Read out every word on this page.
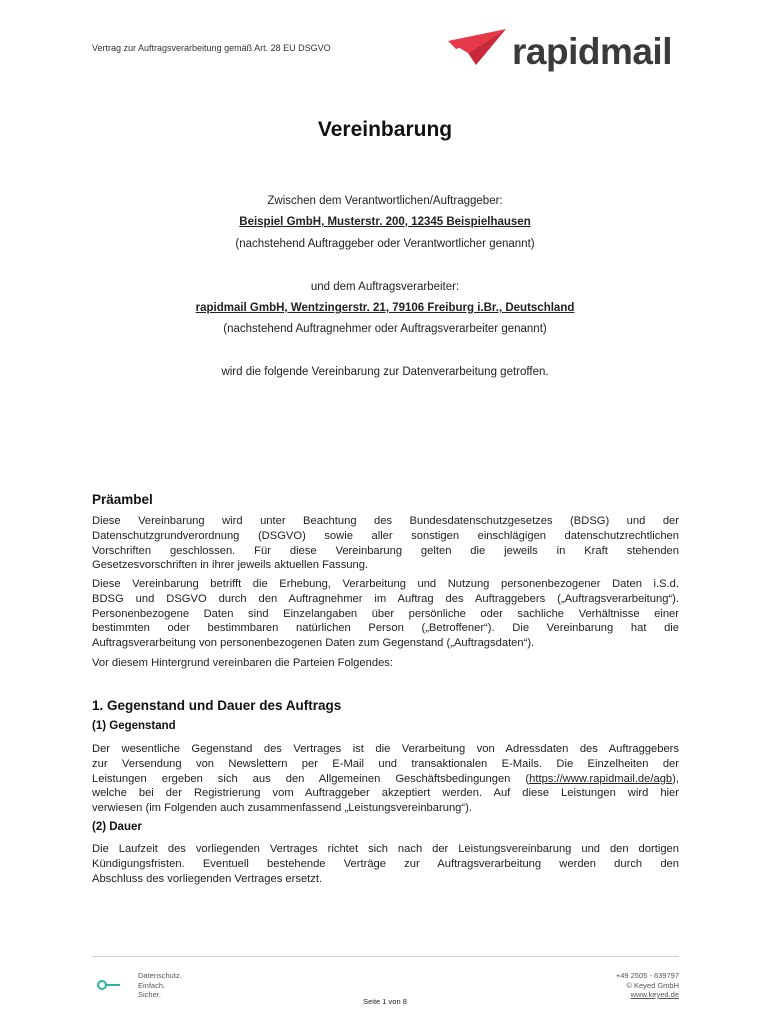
Vertrag zur Auftragsverarbeitung gemäß Art. 28 EU DSGVO	rapidmail
Vereinbarung
Zwischen dem Verantwortlichen/Auftraggeber:
Beispiel GmbH, Musterstr. 200, 12345 Beispielhausen
(nachstehend Auftraggeber oder Verantwortlicher genannt)
und dem Auftragsverarbeiter:
rapidmail GmbH, Wentzingerstr. 21, 79106 Freiburg i.Br., Deutschland
(nachstehend Auftragnehmer oder Auftragsverarbeiter genannt)
wird die folgende Vereinbarung zur Datenverarbeitung getroffen.
Präambel
Diese Vereinbarung wird unter Beachtung des Bundesdatenschutzgesetzes (BDSG) und der
Datenschutzgrundverordnung (DSGVO) sowie aller sonstigen einschlägigen datenschutzrechtlichen
Vorschriften geschlossen. Für diese Vereinbarung gelten die jeweils in Kraft stehenden
Gesetzesvorschriften in ihrer jeweils aktuellen Fassung.
Diese Vereinbarung betrifft die Erhebung, Verarbeitung und Nutzung personenbezogener Daten i.S.d.
BDSG und DSGVO durch den Auftragnehmer im Auftrag des Auftraggebers („Auftragsverarbeitung“).
Personenbezogene Daten sind Einzelangaben über persönliche oder sachliche Verhältnisse einer
bestimmten oder bestimmbaren natürlichen Person („Betroffener“). Die Vereinbarung hat die
Auftragsverarbeitung von personenbezogenen Daten zum Gegenstand („Auftragsdaten“).
Vor diesem Hintergrund vereinbaren die Parteien Folgendes:
1. Gegenstand und Dauer des Auftrags
(1) Gegenstand
Der wesentliche Gegenstand des Vertrages ist die Verarbeitung von Adressdaten des Auftraggebers
zur Versendung von Newslettern per E-Mail und transaktionalen E-Mails. Die Einzelheiten der
Leistungen ergeben sich aus den Allgemeinen Geschäftsbedingungen (https://www.rapidmail.de/agb),
welche bei der Registrierung vom Auftraggeber akzeptiert werden. Auf diese Leistungen wird hier
verwiesen (im Folgenden auch zusammenfassend „Leistungsvereinbarung“).
(2) Dauer
Die Laufzeit des vorliegenden Vertrages richtet sich nach der Leistungsvereinbarung und den dortigen
Kündigungsfristen. Eventuell bestehende Verträge zur Auftragsverarbeitung werden durch den
Abschluss des vorliegenden Vertrages ersetzt.
Datenschutz.
Einfach.
Sicher.
+49 2505 - 639797
© Keyed GmbH
www.keyed.de
Seite 1 von 8
